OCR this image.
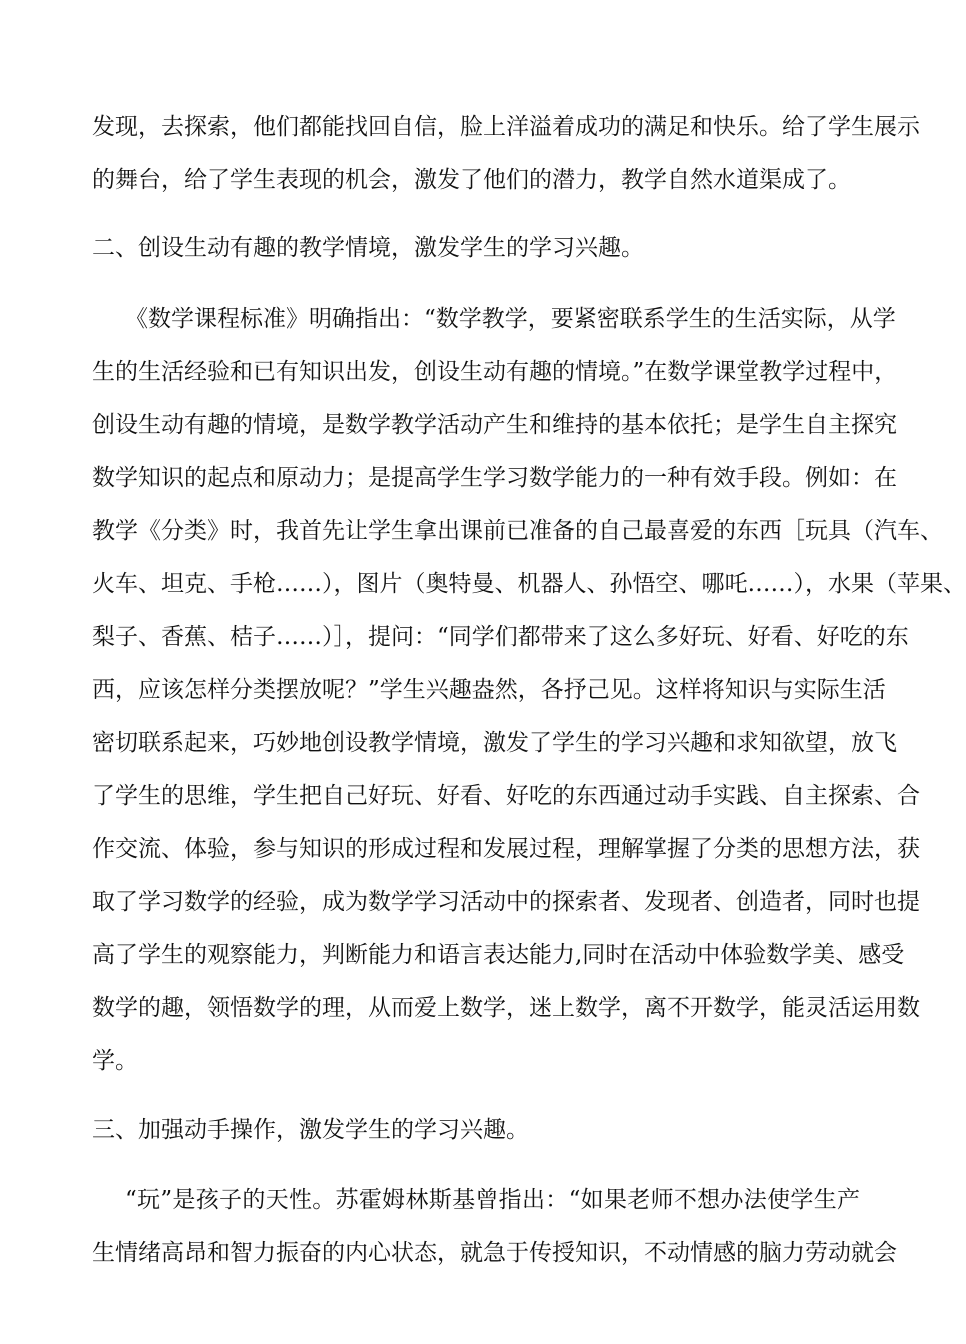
发现，去探索，他们都能找回自信，脸上洋溢着成功的满足和快乐。给了学生展示
的舞台，给了学生表现的机会，激发了他们的潜力，教学自然水道渠成了。
二、创设生动有趣的教学情境，激发学生的学习兴趣。
《数学课程标准》明确指出：“数学教学，要紧密联系学生的生活实际，从学
生的生活经验和已有知识出发，创设生动有趣的情境。”在数学课堂教学过程中，
创设生动有趣的情境，是数学教学活动产生和维持的基本依托；是学生自主探究
数学知识的起点和原动力；是提高学生学习数学能力的一种有效手段。例如：在
教学《分类》时，我首先让学生拿出课前已准备的自己最喜爱的东西［玩具（汽车、
火车、坦克、手枪……），图片（奥特曼、机器人、孙悟空、哪吒……），水果（苹果、
梨子、香蕉、桔子……）］，提问：“同学们都带来了这么多好玩、好看、好吃的东
西，应该怎样分类摆放呢？”学生兴趣盎然，各抒己见。这样将知识与实际生活
密切联系起来，巧妙地创设教学情境，激发了学生的学习兴趣和求知欲望，放飞
了学生的思维，学生把自己好玩、好看、好吃的东西通过动手实践、自主探索、合
作交流、体验，参与知识的形成过程和发展过程，理解掌握了分类的思想方法，获
取了学习数学的经验，成为数学学习活动中的探索者、发现者、创造者，同时也提
高了学生的观察能力，判断能力和语言表达能力,同时在活动中体验数学美、感受
数学的趣，领悟数学的理，从而爱上数学，迷上数学，离不开数学，能灵活运用数
学。
三、加强动手操作，激发学生的学习兴趣。
“玩”是孩子的天性。苏霍姆林斯基曾指出：“如果老师不想办法使学生产
生情绪高昂和智力振奋的内心状态，就急于传授知识，不动情感的脑力劳动就会
